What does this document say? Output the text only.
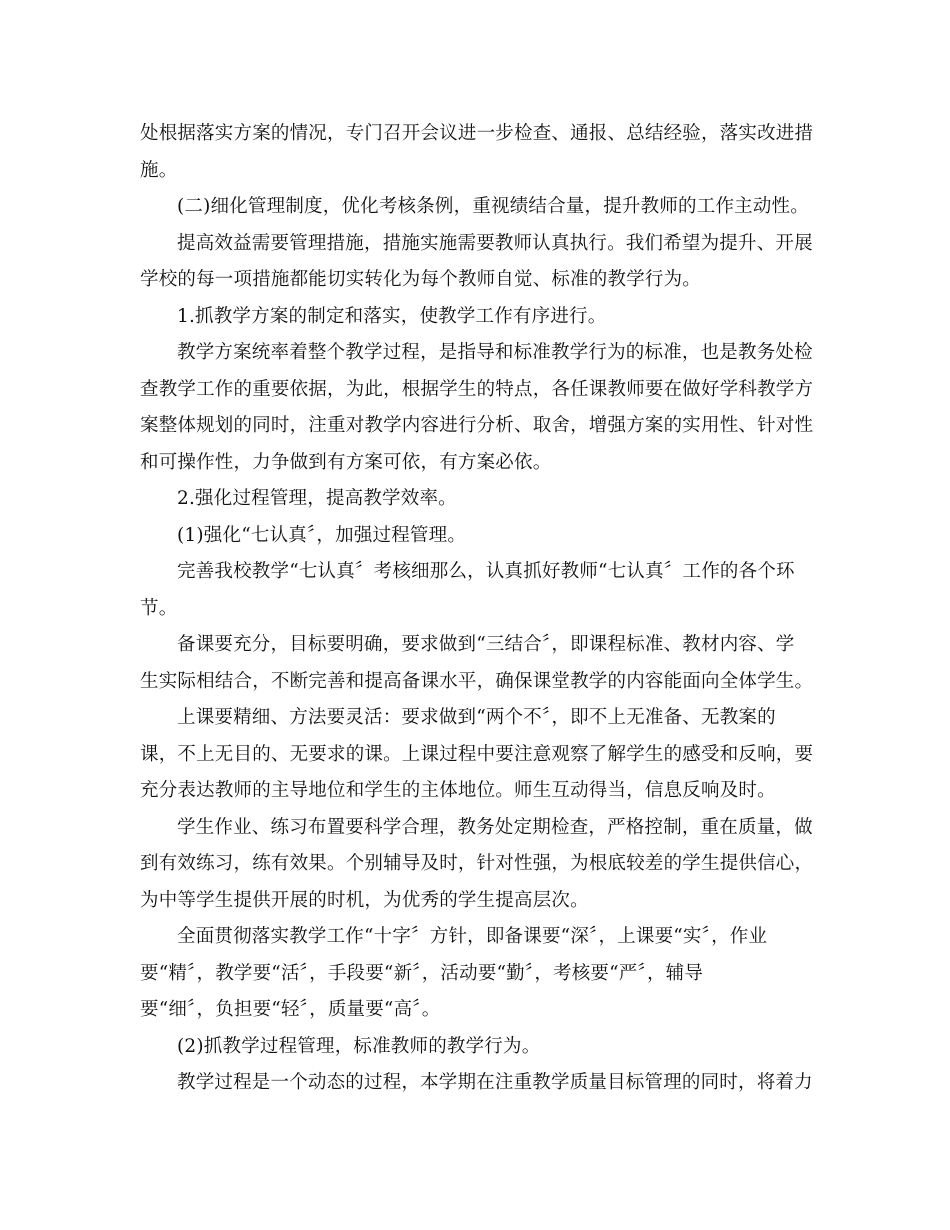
处根据落实方案的情况，专门召开会议进一步检查、通报、总结经验，落实改进措
施。

(二)细化管理制度，优化考核条例，重视绩结合量，提升教师的工作主动性。

提高效益需要管理措施，措施实施需要教师认真执行。我们希望为提升、开展
学校的每一项措施都能切实转化为每个教师自觉、标准的教学行为。

1.抓教学方案的制定和落实，使教学工作有序进行。

教学方案统率着整个教学过程，是指导和标准教学行为的标准，也是教务处检
查教学工作的重要依据，为此，根据学生的特点，各任课教师要在做好学科教学方
案整体规划的同时，注重对教学内容进行分析、取舍，增强方案的实用性、针对性
和可操作性，力争做到有方案可依，有方案必依。

2.强化过程管理，提高教学效率。

(1)强化“七认真〞，加强过程管理。

完善我校教学“七认真〞考核细那么，认真抓好教师“七认真〞工作的各个环
节。

备课要充分，目标要明确，要求做到“三结合〞，即课程标准、教材内容、学
生实际相结合，不断完善和提高备课水平，确保课堂教学的内容能面向全体学生。

上课要精细、方法要灵活：要求做到“两个不〞，即不上无准备、无教案的
课，不上无目的、无要求的课。上课过程中要注意观察了解学生的感受和反响，要
充分表达教师的主导地位和学生的主体地位。师生互动得当，信息反响及时。

学生作业、练习布置要科学合理，教务处定期检查，严格控制，重在质量，做
到有效练习，练有效果。个别辅导及时，针对性强，为根底较差的学生提供信心，
为中等学生提供开展的时机，为优秀的学生提高层次。

全面贯彻落实教学工作“十字〞方针，即备课要“深〞，上课要“实〞，作业
要“精〞，教学要“活〞，手段要“新〞，活动要“勤〞，考核要“严〞，辅导
要“细〞，负担要“轻〞，质量要“高〞。

(2)抓教学过程管理，标准教师的教学行为。

教学过程是一个动态的过程，本学期在注重教学质量目标管理的同时，将着力
